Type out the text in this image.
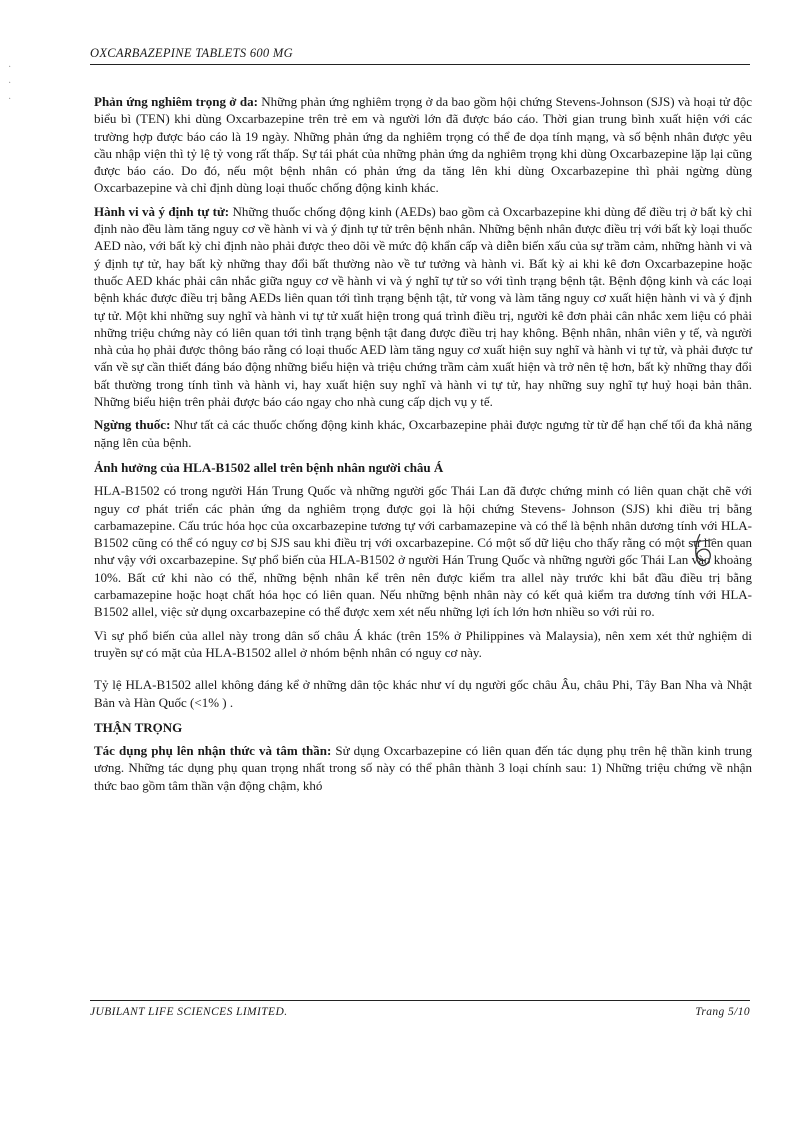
·
·
·
OXCARBAZEPINE TABLETS 600 MG

Phản ứng nghiêm trọng ở da: Những phản ứng nghiêm trọng ở da bao gồm hội chứng Stevens-Johnson (SJS) và hoại tử độc biểu bì (TEN) khi dùng Oxcarbazepine trên trẻ em và người lớn đã được báo cáo. Thời gian trung bình xuất hiện với các trường hợp được báo cáo là 19 ngày. Những phản ứng da nghiêm trọng có thể đe dọa tính mạng, và số bệnh nhân được yêu cầu nhập viện thì tỷ lệ tỷ vong rất thấp. Sự tái phát của những phản ứng da nghiêm trọng khi dùng Oxcarbazepine lặp lại cũng được báo cáo. Do đó, nếu một bệnh nhân có phản ứng da tăng lên khi dùng Oxcarbazepine thì phải ngừng dùng Oxcarbazepine và chỉ định dùng loại thuốc chống động kinh khác.

Hành vi và ý định tự tử: Những thuốc chống động kinh (AEDs) bao gồm cả Oxcarbazepine khi dùng để điều trị ở bất kỳ chỉ định nào đều làm tăng nguy cơ về hành vi và ý định tự tử trên bệnh nhân. Những bệnh nhân được điều trị với bất kỳ loại thuốc AED nào, với bất kỳ chỉ định nào phải được theo dõi về mức độ khẩn cấp và diễn biến xấu của sự trầm cảm, những hành vi và ý định tự tử, hay bất kỳ những thay đổi bất thường nào về tư tưởng và hành vi. Bất kỳ ai khi kê đơn Oxcarbazepine hoặc thuốc AED khác phải cân nhắc giữa nguy cơ về hành vi và ý nghĩ tự tử so với tình trạng bệnh tật. Bệnh động kinh và các loại bệnh khác được điều trị bằng AEDs liên quan tới tình trạng bệnh tật, tử vong và làm tăng nguy cơ xuất hiện hành vi và ý định tự tử. Một khi những suy nghĩ và hành vi tự tử xuất hiện trong quá trình điều trị, người kê đơn phải cân nhắc xem liệu có phải những triệu chứng này có liên quan tới tình trạng bệnh tật đang được điều trị hay không. Bệnh nhân, nhân viên y tế, và người nhà của họ phải được thông báo rằng có loại thuốc AED làm tăng nguy cơ xuất hiện suy nghĩ và hành vi tự tử, và phải được tư vấn về sự cần thiết đáng báo động những biểu hiện và triệu chứng trầm cảm xuất hiện và trở nên tệ hơn, bất kỳ những thay đổi bất thường trong tính tình và hành vi, hay xuất hiện suy nghĩ và hành vi tự tử, hay những suy nghĩ tự huỷ hoại bản thân. Những biểu hiện trên phải được báo cáo ngay cho nhà cung cấp dịch vụ y tế.

Ngừng thuốc: Như tất cả các thuốc chống động kinh khác, Oxcarbazepine phải được ngưng từ từ để hạn chế tối đa khả năng nặng lên của bệnh.

Ảnh hưởng của HLA-B1502 allel trên bệnh nhân người châu Á

HLA-B1502 có trong người Hán Trung Quốc và những người gốc Thái Lan đã được chứng minh có liên quan chặt chẽ với nguy cơ phát triển các phản ứng da nghiêm trọng được gọi là hội chứng Stevens- Johnson (SJS) khi điều trị bằng carbamazepine. Cấu trúc hóa học của oxcarbazepine tương tự với carbamazepine và có thể là bệnh nhân dương tính với HLA-B1502 cũng có thể có nguy cơ bị SJS sau khi điều trị với oxcarbazepine. Có một số dữ liệu cho thấy rằng có một sự liên quan như vậy với oxcarbazepine. Sự phổ biến của HLA-B1502 ở người Hán Trung Quốc và những người gốc Thái Lan vào khoảng 10%. Bất cứ khi nào có thể, những bệnh nhân kể trên nên được kiểm tra allel này trước khi bắt đầu điều trị bằng carbamazepine hoặc hoạt chất hóa học có liên quan. Nếu những bệnh nhân này có kết quả kiểm tra dương tính với HLA-B1502 allel, việc sử dụng oxcarbazepine có thể được xem xét nếu những lợi ích lớn hơn nhiều so với rủi ro.

Vì sự phổ biến của allel này trong dân số châu Á khác (trên 15% ở Philippines và Malaysia), nên xem xét thử nghiệm di truyền sự có mặt của HLA-B1502 allel ở nhóm bệnh nhân có nguy cơ này.

Tỷ lệ HLA-B1502 allel không đáng kể ở những dân tộc khác như ví dụ người gốc châu Âu, châu Phi, Tây Ban Nha và Nhật Bản và Hàn Quốc (<1% ) .

THẬN TRỌNG

Tác dụng phụ lên nhận thức và tâm thần: Sử dụng Oxcarbazepine có liên quan đến tác dụng phụ trên hệ thần kinh trung ương. Những tác dụng phụ quan trọng nhất trong số này có thể phân thành 3 loại chính sau: 1) Những triệu chứng về nhận thức bao gồm tâm thần vận động chậm, khó

JUBILANT LIFE SCIENCES LIMITED.	Trang 5/10
